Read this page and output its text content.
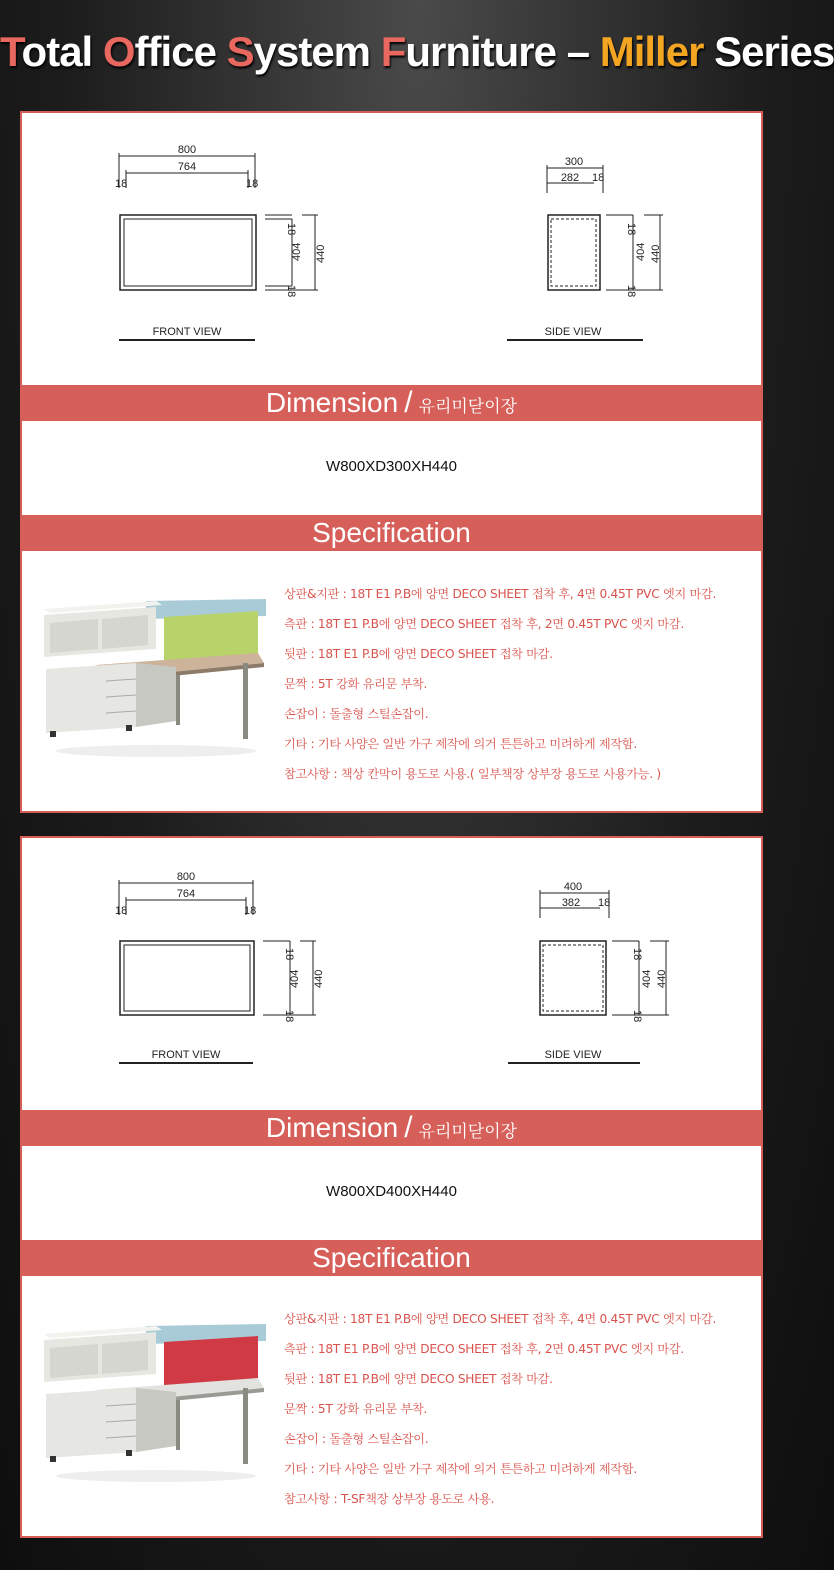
Total Office System Furniture – Miller Series
800
764
18	18
18
404 440
18
FRONT VIEW
300
282 18
18
404 440
18
SIDE VIEW
Dimension / 유리미닫이장
W800XD300XH440
Specification
상판&지판 : 18T E1 P.B에 양면 DECO SHEET 접착 후, 4면 0.45T PVC 엣지 마감.
측판 : 18T E1 P.B에 양면 DECO SHEET 접착 후, 2면 0.45T PVC 엣지 마감.
뒷판 : 18T E1 P.B에 양면 DECO SHEET 접착 마감.
문짝 : 5T 강화 유리문 부착.
손잡이 : 돌출형 스틸손잡이.
기타 : 기타 사양은 일반 가구 제작에 의거 튼튼하고 미려하게 제작함.
참고사항 : 책상 칸막이 용도로 사용.( 일부책장 상부장 용도로 사용가능. )
800
764
18	18
18
404 440
18
FRONT VIEW
400
382 18
18
404 440
18
SIDE VIEW
Dimension / 유리미닫이장
W800XD400XH440
Specification
상판&지판 : 18T E1 P.B에 양면 DECO SHEET 접착 후, 4면 0.45T PVC 엣지 마감.
측판 : 18T E1 P.B에 양면 DECO SHEET 접착 후, 2면 0.45T PVC 엣지 마감.
뒷판 : 18T E1 P.B에 양면 DECO SHEET 접착 마감.
문짝 : 5T 강화 유리문 부착.
손잡이 : 돌출형 스틸손잡이.
기타 : 기타 사양은 일반 가구 제작에 의거 튼튼하고 미려하게 제작함.
참고사항 : T-SF책장 상부장 용도로 사용.
